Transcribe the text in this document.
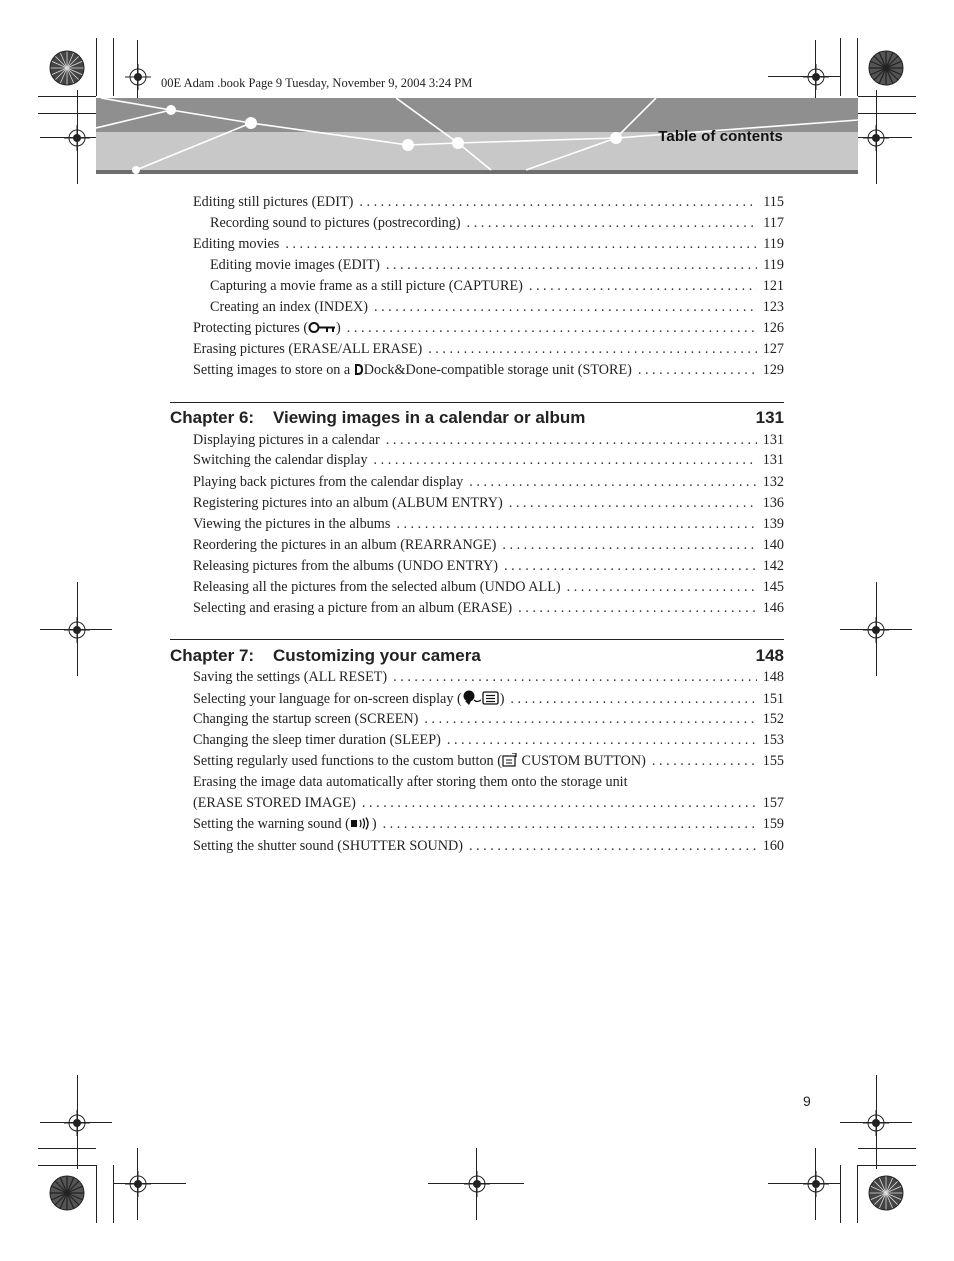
00E Adam .book Page 9 Tuesday, November 9, 2004 3:24 PM
Table of contents
Editing still pictures (EDIT) . . .	115
Recording sound to pictures (postrecording) . . .	117
Editing movies . . .	119
Editing movie images (EDIT) . . .	119
Capturing a movie frame as a still picture (CAPTURE) . . .	121
Creating an index (INDEX) . . .	123
Protecting pictures ( ) . . .	126
Erasing pictures (ERASE/ALL ERASE) . . .	127
Setting images to store on a Dock&Done-compatible storage unit (STORE) . . .	129
Chapter 6:	Viewing images in a calendar or album	131
Displaying pictures in a calendar . . .	131
Switching the calendar display . . .	131
Playing back pictures from the calendar display . . .	132
Registering pictures into an album (ALBUM ENTRY) . . .	136
Viewing the pictures in the albums . . .	139
Reordering the pictures in an album (REARRANGE) . . .	140
Releasing pictures from the albums (UNDO ENTRY) . . .	142
Releasing all the pictures from the selected album (UNDO ALL) . . .	145
Selecting and erasing a picture from an album (ERASE) . . .	146
Chapter 7:	Customizing your camera	148
Saving the settings (ALL RESET) . . .	148
Selecting your language for on-screen display (	) . . .	151
Changing the startup screen (SCREEN) . . .	152
Changing the sleep timer duration (SLEEP) . . .	153
Setting regularly used functions to the custom button ( CUSTOM BUTTON) . . .	155
Erasing the image data automatically after storing them onto the storage unit
(ERASE STORED IMAGE) . . .	157
Setting the warning sound ( ) . . .	159
Setting the shutter sound (SHUTTER SOUND) . . .	160
9
